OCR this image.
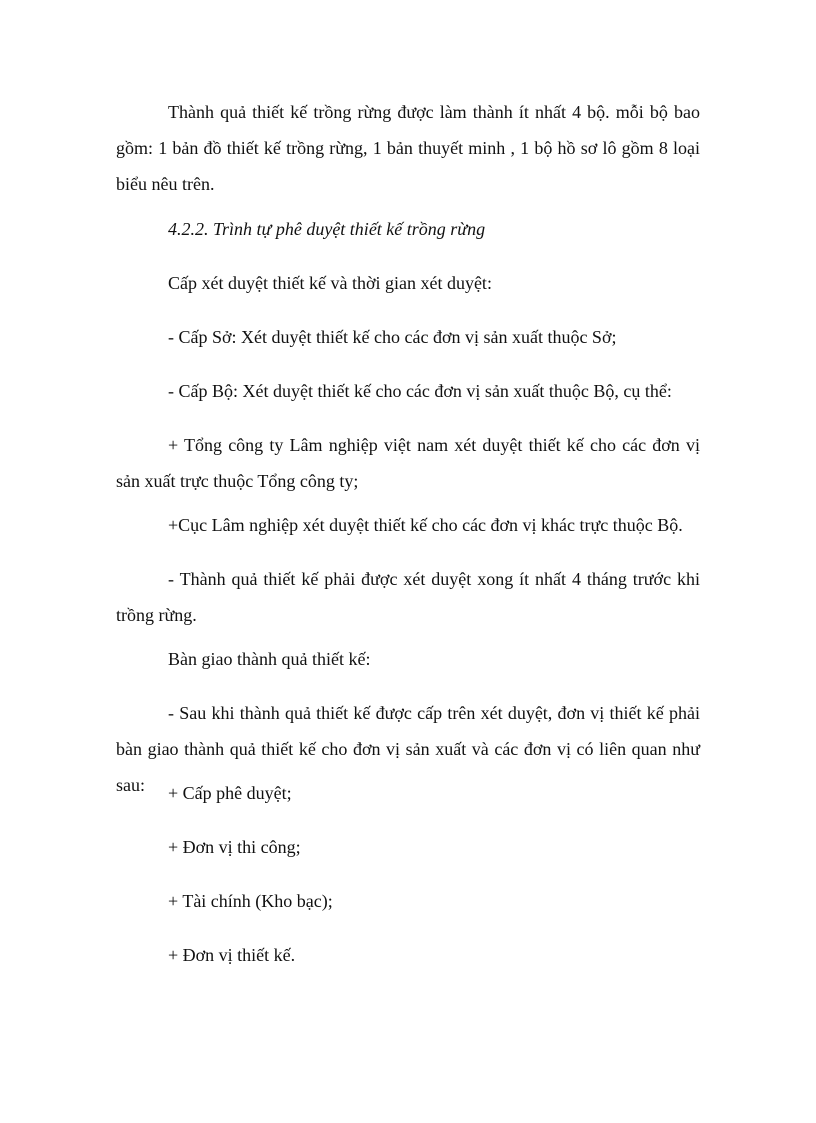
Thành quả thiết kế trồng rừng được làm thành ít nhất 4 bộ. mỗi bộ bao gồm: 1 bản đồ thiết kế trồng rừng, 1 bản thuyết minh , 1 bộ hồ sơ lô gồm 8 loại biểu nêu trên.

4.2.2. Trình tự phê duyệt thiết kế trồng rừng

Cấp xét duyệt thiết kế và thời gian xét duyệt:

- Cấp Sở: Xét duyệt thiết kế cho các đơn vị sản xuất thuộc Sở;

- Cấp Bộ: Xét duyệt thiết kế cho các đơn vị sản xuất thuộc Bộ, cụ thể:

+ Tổng công ty Lâm nghiệp việt nam xét duyệt thiết kế cho các đơn vị sản xuất trực thuộc Tổng công ty;

+Cục Lâm nghiệp xét duyệt thiết kế cho các đơn vị khác trực thuộc Bộ.

- Thành quả thiết kế phải được xét duyệt xong ít nhất 4 tháng trước khi trồng rừng.

Bàn giao thành quả thiết kế:

- Sau khi thành quả thiết kế được cấp trên xét duyệt, đơn vị thiết kế phải bàn giao thành quả thiết kế cho đơn vị sản xuất và các đơn vị có liên quan như sau:	+ Cấp phê duyệt;

+ Đơn vị thi công;

+ Tài chính (Kho bạc);

+ Đơn vị thiết kế.
